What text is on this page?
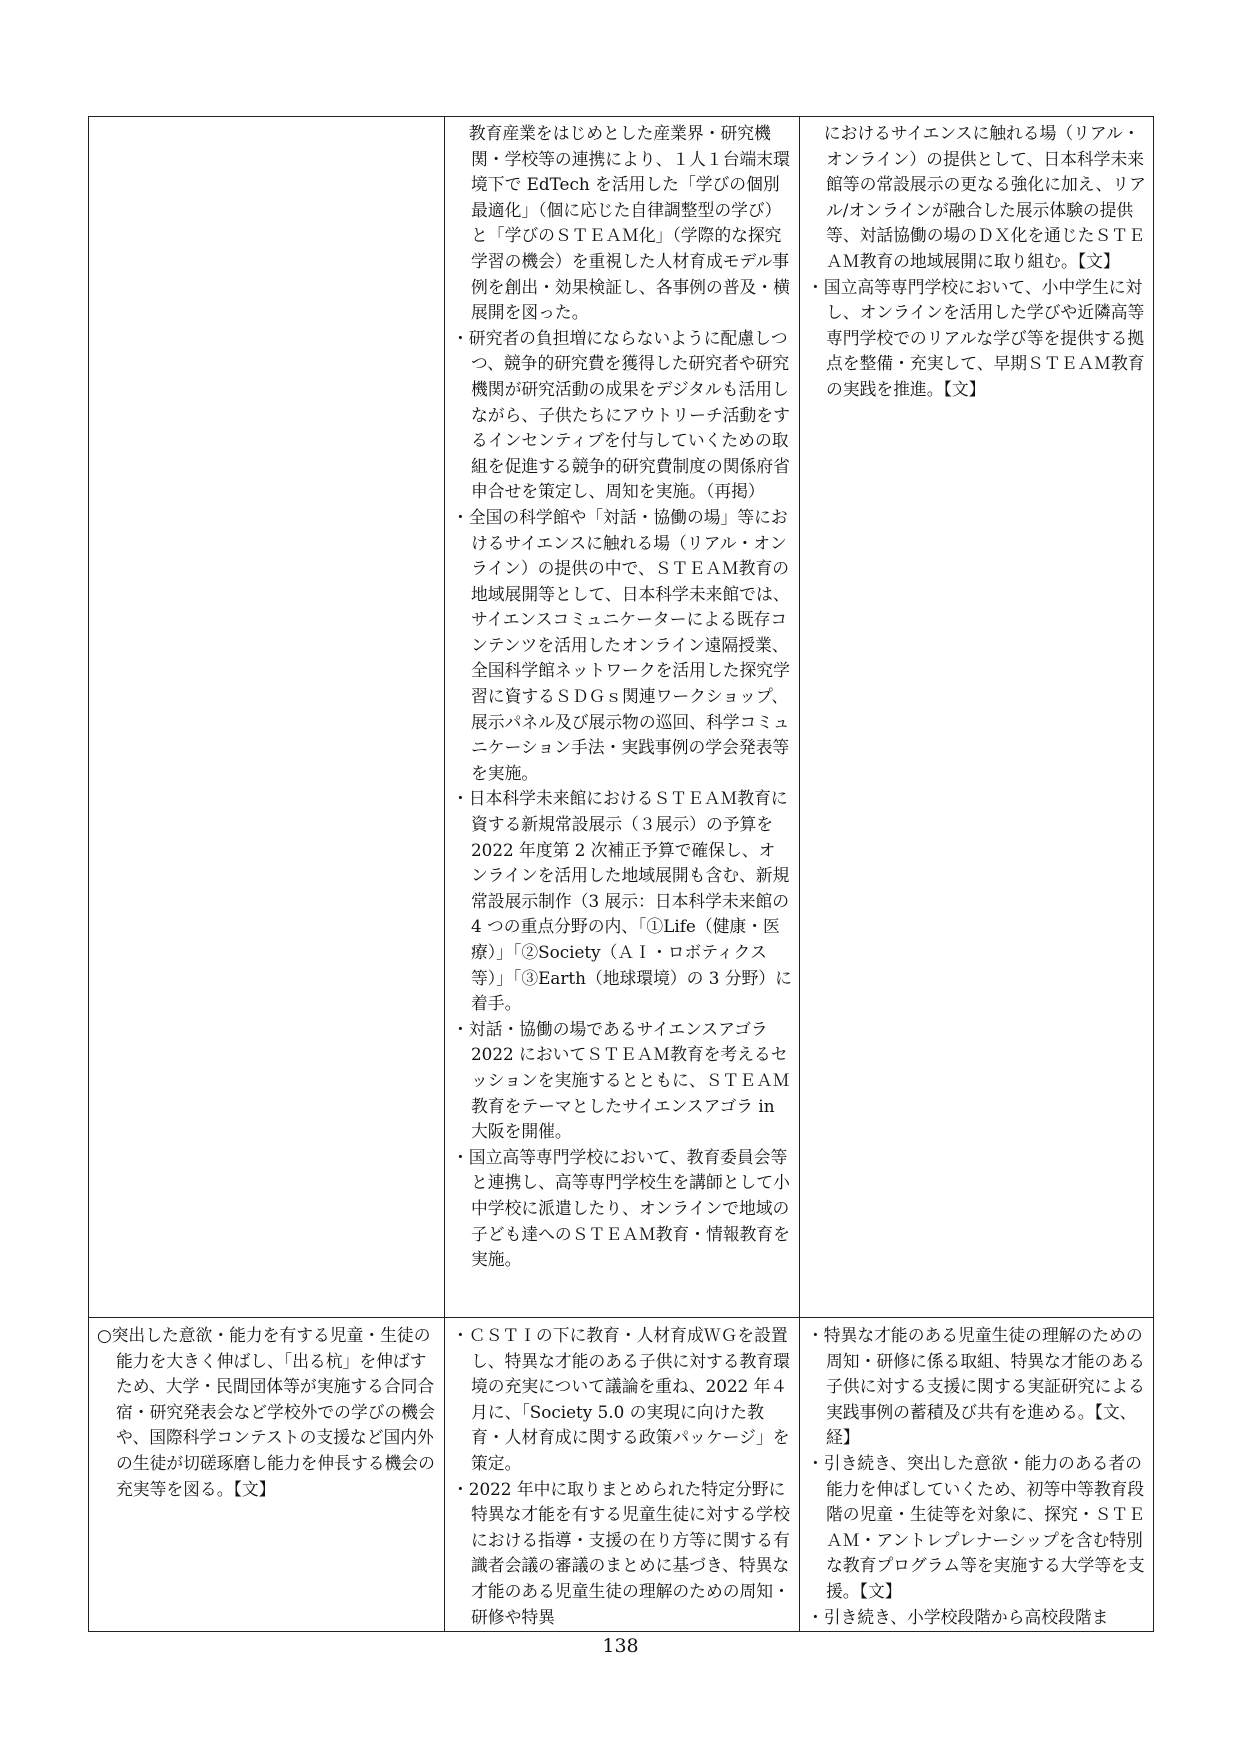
　教育産業をはじめとした産業界・研究機関・学校等の連携により、１人１台端末環境下で EdTech を活用した「学びの個別最適化」（個に応じた自律調整型の学び）と「学びのＳＴＥＡＭ化」（学際的な探究学習の機会）を重視した人材育成モデル事例を創出・効果検証し、各事例の普及・横展開を図った。

・研究者の負担増にならないように配慮しつつ、競争的研究費を獲得した研究者や研究機関が研究活動の成果をデジタルも活用しながら、子供たちにアウトリーチ活動をするインセンティブを付与していくための取組を促進する競争的研究費制度の関係府省申合せを策定し、周知を実施。（再掲）

・全国の科学館や「対話・協働の場」等におけるサイエンスに触れる場（リアル・オンライン）の提供の中で、ＳＴＥＡＭ教育の地域展開等として、日本科学未来館では、サイエンスコミュニケーターによる既存コンテンツを活用したオンライン遠隔授業、全国科学館ネットワークを活用した探究学習に資するＳＤＧｓ関連ワークショップ、展示パネル及び展示物の巡回、科学コミュニケーション手法・実践事例の学会発表等を実施。

・日本科学未来館におけるＳＴＥＡＭ教育に資する新規常設展示（３展示）の予算を 2022 年度第 2 次補正予算で確保し、オンラインを活用した地域展開も含む、新規常設展示制作（3 展示：日本科学未来館の 4 つの重点分野の内、「①Life（健康・医療）」「②Society（ＡＩ・ロボティクス等）」「③Earth（地球環境）の 3 分野）に着手。

・対話・協働の場であるサイエンスアゴラ 2022 においてＳＴＥＡＭ教育を考えるセッションを実施するとともに、ＳＴＥＡＭ教育をテーマとしたサイエンスアゴラ in 大阪を開催。

・国立高等専門学校において、教育委員会等と連携し、高等専門学校生を講師として小中学校に派遣したり、オンラインで地域の子ども達へのＳＴＥＡＭ教育・情報教育を実施。

　におけるサイエンスに触れる場（リアル・オンライン）の提供として、日本科学未来館等の常設展示の更なる強化に加え、リアル/オンラインが融合した展示体験の提供等、対話協働の場のＤＸ化を通じたＳＴＥＡＭ教育の地域展開に取り組む。【文】

・国立高等専門学校において、小中学生に対し、オンラインを活用した学びや近隣高等専門学校でのリアルな学び等を提供する拠点を整備・充実して、早期ＳＴＥＡＭ教育の実践を推進。【文】

○突出した意欲・能力を有する児童・生徒の能力を大きく伸ばし、「出る杭」を伸ばすため、大学・民間団体等が実施する合同合宿・研究発表会など学校外での学びの機会や、国際科学コンテストの支援など国内外の生徒が切磋琢磨し能力を伸長する機会の充実等を図る。【文】

・ＣＳＴＩの下に教育・人材育成ＷＧを設置し、特異な才能のある子供に対する教育環境の充実について議論を重ね、2022 年４月に、「Society 5.0 の実現に向けた教育・人材育成に関する政策パッケージ」を策定。

・2022 年中に取りまとめられた特定分野に特異な才能を有する児童生徒に対する学校における指導・支援の在り方等に関する有識者会議の審議のまとめに基づき、特異な才能のある児童生徒の理解のための周知・研修や特異

・特異な才能のある児童生徒の理解のための周知・研修に係る取組、特異な才能のある子供に対する支援に関する実証研究による実践事例の蓄積及び共有を進める。【文、経】

・引き続き、突出した意欲・能力のある者の能力を伸ばしていくため、初等中等教育段階の児童・生徒等を対象に、探究・ＳＴＥＡＭ・アントレプレナーシップを含む特別な教育プログラム等を実施する大学等を支援。【文】

・引き続き、小学校段階から高校段階ま

138
